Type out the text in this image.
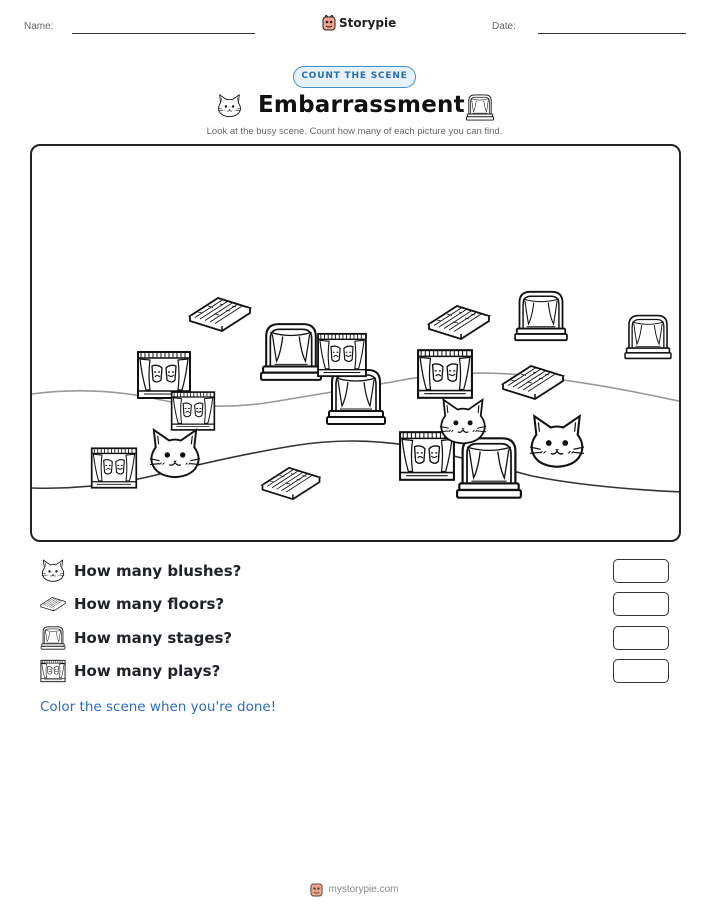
Name:	Storypie	Date:
COUNT THE SCENE
Embarrassment
Look at the busy scene. Count how many of each picture you can find.
How many blushes?
How many floors?
How many stages?
How many plays?
Color the scene when you're done!
mystorypie.com
